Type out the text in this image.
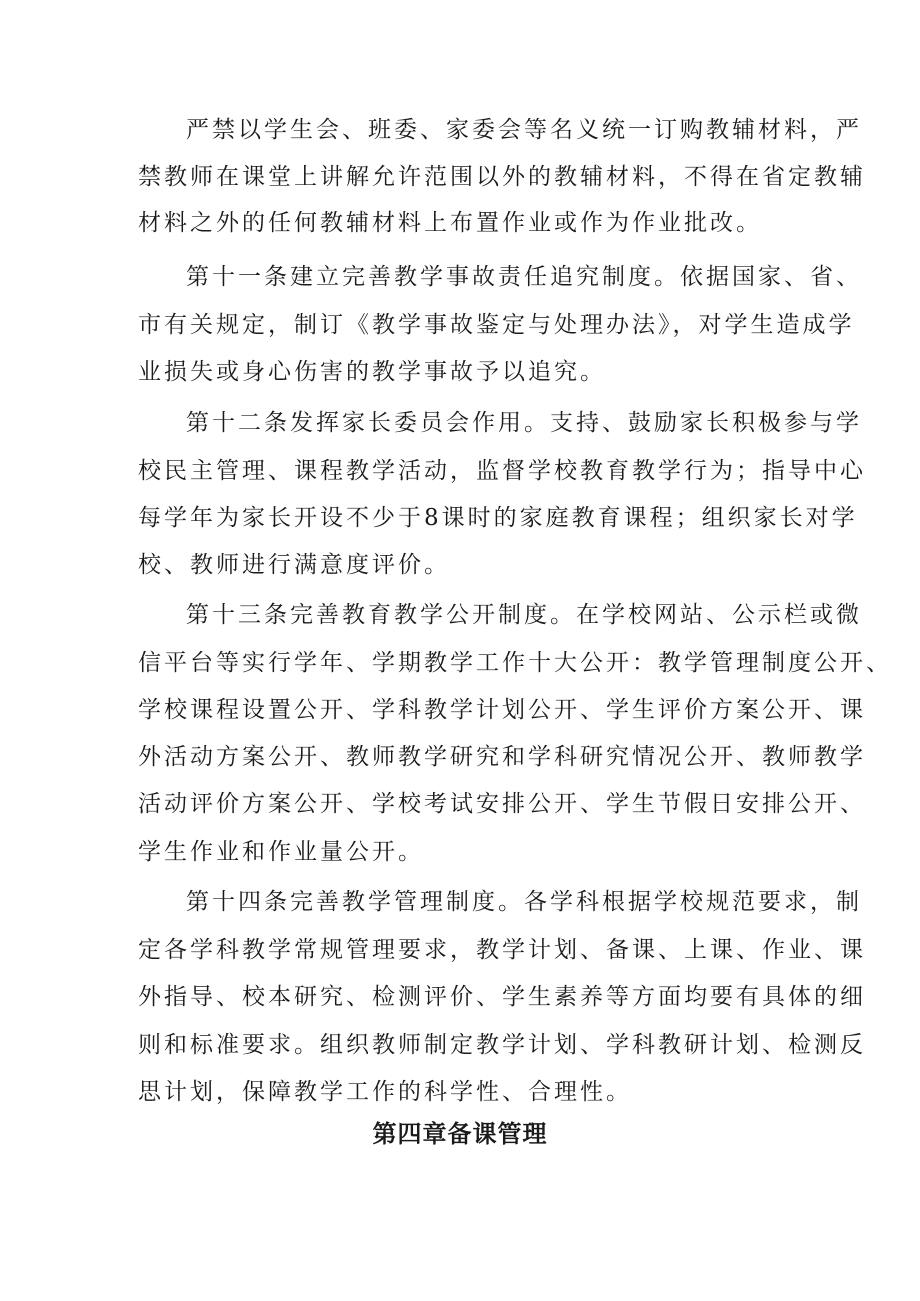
严禁以学生会、班委、家委会等名义统一订购教辅材料，严
禁教师在课堂上讲解允许范围以外的教辅材料，不得在省定教辅
材料之外的任何教辅材料上布置作业或作为作业批改。
第十一条建立完善教学事故责任追究制度。依据国家、省、
市有关规定，制订《教学事故鉴定与处理办法》，对学生造成学
业损失或身心伤害的教学事故予以追究。
第十二条发挥家长委员会作用。支持、鼓励家长积极参与学
校民主管理、课程教学活动，监督学校教育教学行为；指导中心
每学年为家长开设不少于8课时的家庭教育课程；组织家长对学
校、教师进行满意度评价。
第十三条完善教育教学公开制度。在学校网站、公示栏或微
信平台等实行学年、学期教学工作十大公开：教学管理制度公开、
学校课程设置公开、学科教学计划公开、学生评价方案公开、课
外活动方案公开、教师教学研究和学科研究情况公开、教师教学
活动评价方案公开、学校考试安排公开、学生节假日安排公开、
学生作业和作业量公开。
第十四条完善教学管理制度。各学科根据学校规范要求，制
定各学科教学常规管理要求，教学计划、备课、上课、作业、课
外指导、校本研究、检测评价、学生素养等方面均要有具体的细
则和标准要求。组织教师制定教学计划、学科教研计划、检测反
思计划，保障教学工作的科学性、合理性。
第四章备课管理
